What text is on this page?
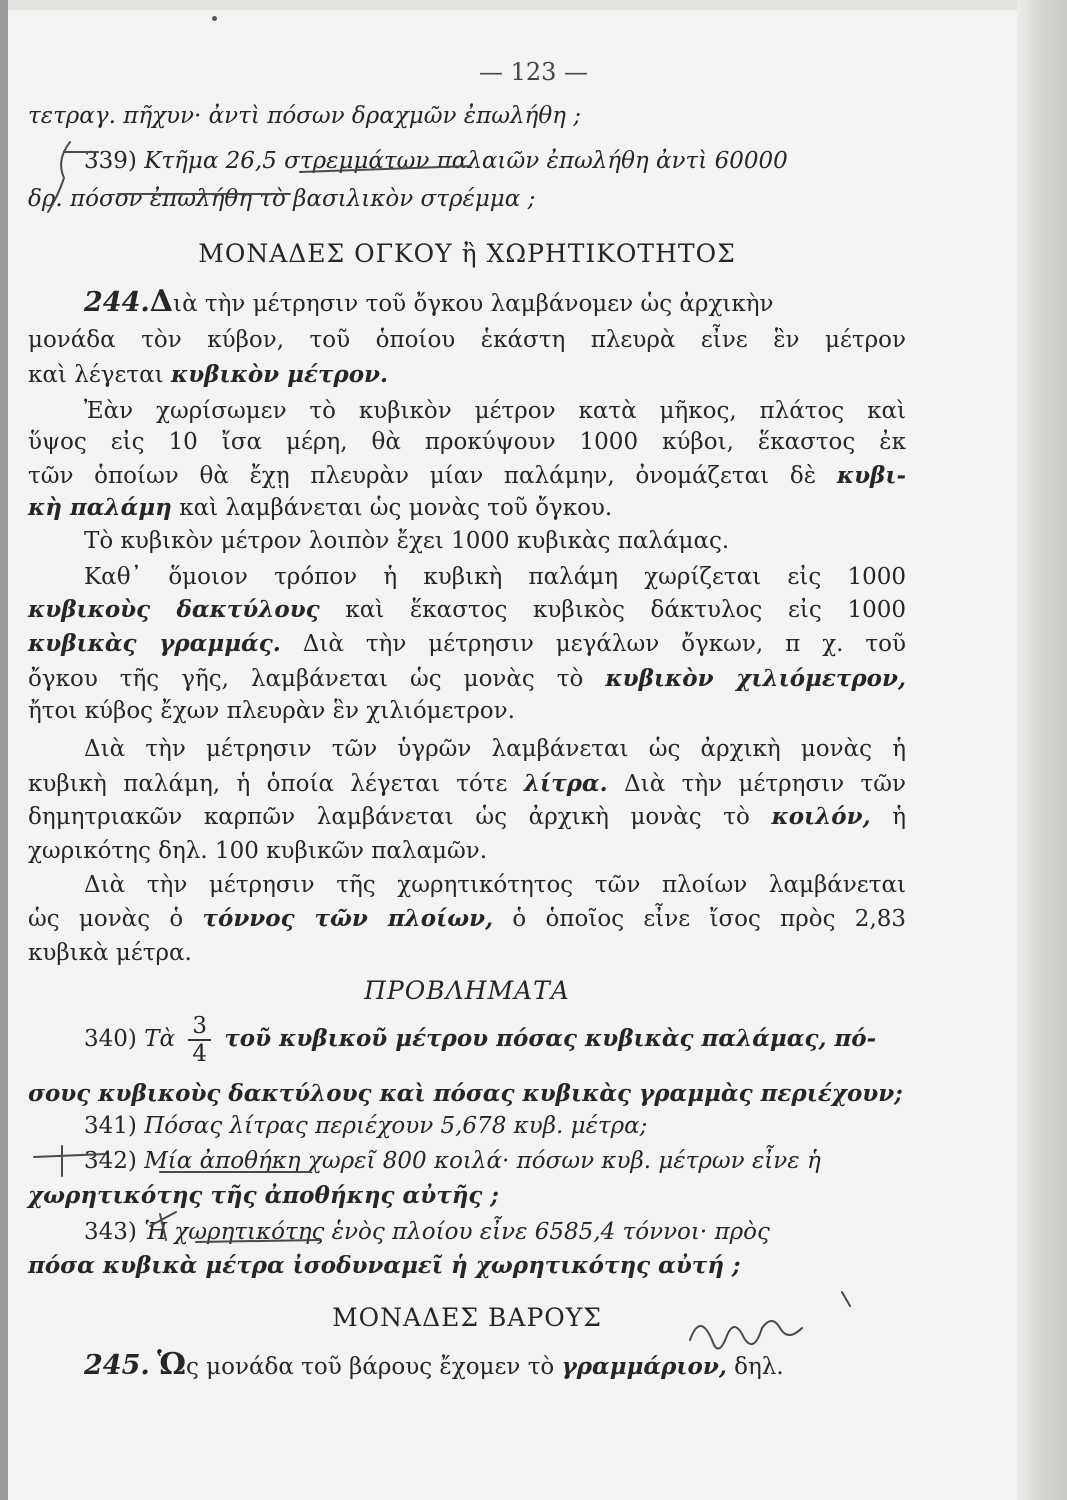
— 123 —
τετραγ. πῆχυν· ἀντὶ πόσων δραχμῶν ἐπωλήθη ;
339) Κτῆμα 26,5 στρεμμάτων παλαιῶν ἐπωλήθη ἀντὶ 60000
δρ. πόσον ἐπωλήθη τὸ βασιλικὸν στρέμμα ;
ΜΟΝΑΔΕΣ ΟΓΚΟΥ ἢ ΧΩΡΗΤΙΚΟΤΗΤΟΣ
244.Διὰ τὴν μέτρησιν τοῦ ὄγκου λαμβάνομεν ὡς ἀρχικὴν
μονάδα τὸν κύβον, τοῦ ὁποίου ἑκάστη πλευρὰ εἶνε ἓν μέτρον
καὶ λέγεται κυβικὸν μέτρον.
Ἐὰν χωρίσωμεν τὸ κυβικὸν μέτρον κατὰ μῆκος, πλάτος καὶ
ὕψος εἰς 10 ἴσα μέρη, θὰ προκύψουν 1000 κύβοι, ἕκαστος ἐκ
τῶν ὁποίων θὰ ἔχῃ πλευρὰν μίαν παλάμην, ὀνομάζεται δὲ κυβι-
κὴ παλάμη καὶ λαμβάνεται ὡς μονὰς τοῦ ὄγκου.
Τὸ κυβικὸν μέτρον λοιπὸν ἔχει 1000 κυβικὰς παλάμας.
Καθ᾽ ὅμοιον τρόπον ἡ κυβικὴ παλάμη χωρίζεται εἰς 1000
κυβικοὺς δακτύλους καὶ ἕκαστος κυβικὸς δάκτυλος εἰς 1000
κυβικὰς γραμμάς. Διὰ τὴν μέτρησιν μεγάλων ὄγκων, π χ. τοῦ
ὄγκου τῆς γῆς, λαμβάνεται ὡς μονὰς τὸ κυβικὸν χιλιόμετρον,
ἤτοι κύβος ἔχων πλευρὰν ἓν χιλιόμετρον.
Διὰ τὴν μέτρησιν τῶν ὑγρῶν λαμβάνεται ὡς ἀρχικὴ μονὰς ἡ
κυβικὴ παλάμη, ἡ ὁποία λέγεται τότε λίτρα. Διὰ τὴν μέτρησιν τῶν
δημητριακῶν καρπῶν λαμβάνεται ὡς ἀρχικὴ μονὰς τὸ κοιλόν, ἡ
χωρικότης δηλ. 100 κυβικῶν παλαμῶν.
Διὰ τὴν μέτρησιν τῆς χωρητικότητος τῶν πλοίων λαμβάνεται
ὡς μονὰς ὁ τόννος τῶν πλοίων, ὁ ὁποῖος εἶνε ἴσος πρὸς 2,83
κυβικὰ μέτρα.
ΠΡΟΒΛΗΜΑΤΑ
340) Τὰ $\frac{3}{4}$ τοῦ κυβικοῦ μέτρου πόσας κυβικὰς παλάμας, πό-
σους κυβικοὺς δακτύλους καὶ πόσας κυβικὰς γραμμὰς περιέχουν;
341) Πόσας λίτρας περιέχουν 5,678 κυβ. μέτρα;
342) Μία ἀποθήκη χωρεῖ 800 κοιλά· πόσων κυβ. μέτρων εἶνε ἡ
χωρητικότης τῆς ἀποθήκης αὐτῆς ;
343) Ἡ χωρητικότης ἑνὸς πλοίου εἶνε 6585,4 τόννοι· πρὸς
πόσα κυβικὰ μέτρα ἰσοδυναμεῖ ἡ χωρητικότης αὐτή ;
ΜΟΝΑΔΕΣ ΒΑΡΟΥΣ
245. Ὡς μονάδα τοῦ βάρους ἔχομεν τὸ γραμμάριον, δηλ.
